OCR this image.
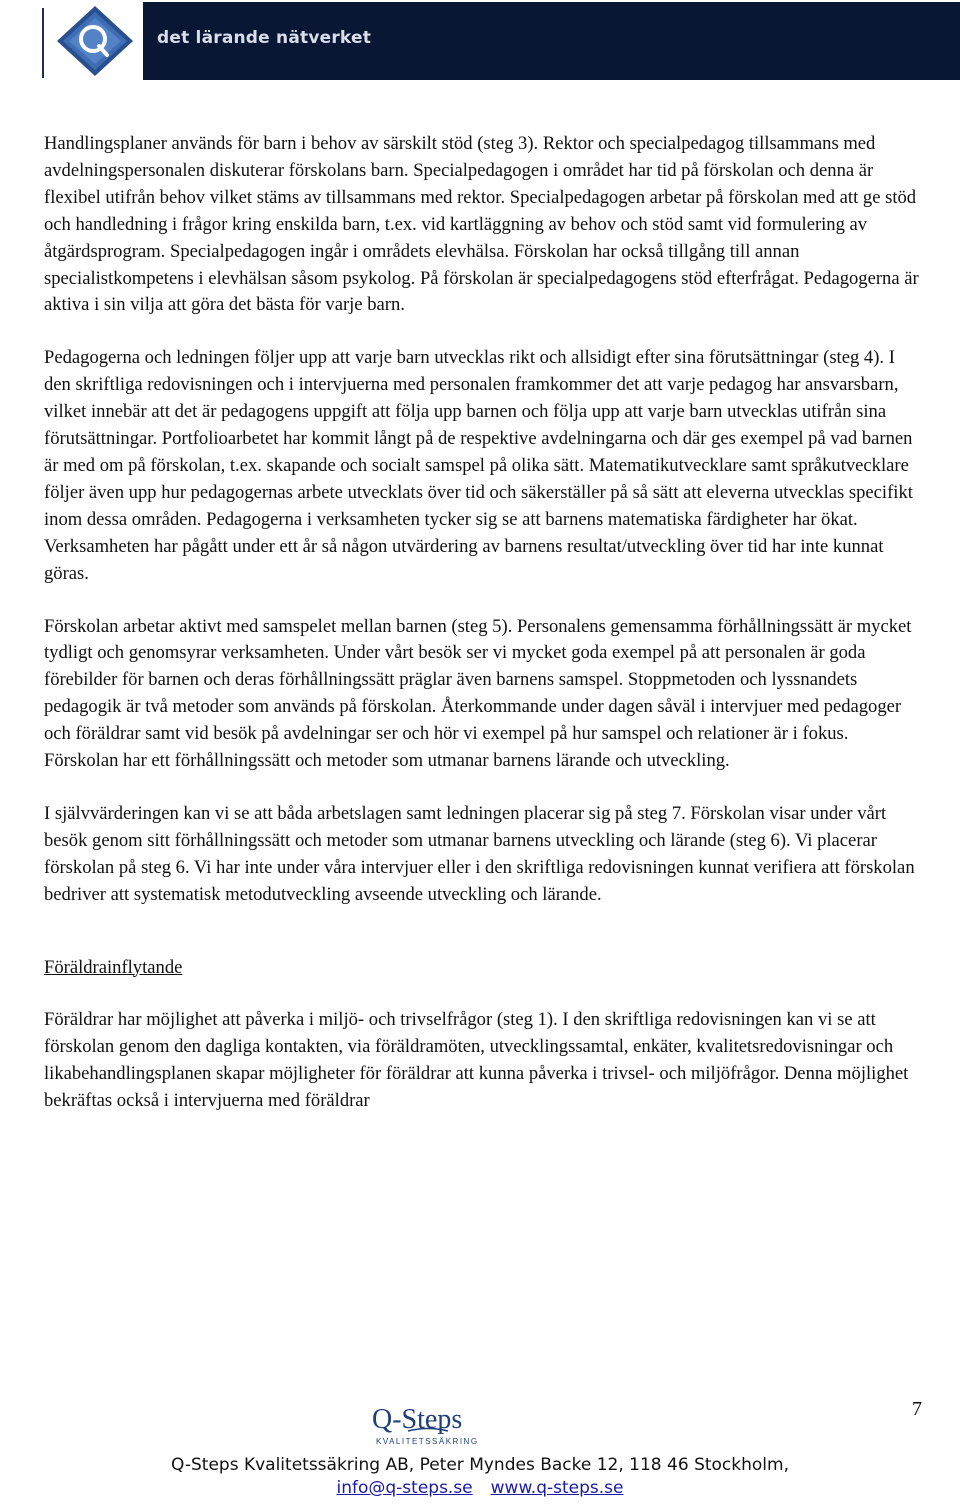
det lärande nätverket

Handlingsplaner används för barn i behov av särskilt stöd (steg 3). Rektor och specialpedagog tillsammans med avdelningspersonalen diskuterar förskolans barn. Specialpedagogen i området har tid på förskolan och denna är flexibel utifrån behov vilket stäms av tillsammans med rektor. Specialpedagogen arbetar på förskolan med att ge stöd och handledning i frågor kring enskilda barn, t.ex. vid kartläggning av behov och stöd samt vid formulering av åtgärdsprogram. Specialpedagogen ingår i områdets elevhälsa. Förskolan har också tillgång till annan specialistkompetens i elevhälsan såsom psykolog. På förskolan är specialpedagogens stöd efterfrågat. Pedagogerna är aktiva i sin vilja att göra det bästa för varje barn.

Pedagogerna och ledningen följer upp att varje barn utvecklas rikt och allsidigt efter sina förutsättningar (steg 4). I den skriftliga redovisningen och i intervjuerna med personalen framkommer det att varje pedagog har ansvarsbarn, vilket innebär att det är pedagogens uppgift att följa upp barnen och följa upp att varje barn utvecklas utifrån sina förutsättningar. Portfolioarbetet har kommit långt på de respektive avdelningarna och där ges exempel på vad barnen är med om på förskolan, t.ex. skapande och socialt samspel på olika sätt. Matematikutvecklare samt språkutvecklare följer även upp hur pedagogernas arbete utvecklats över tid och säkerställer på så sätt att eleverna utvecklas specifikt inom dessa områden. Pedagogerna i verksamheten tycker sig se att barnens matematiska färdigheter har ökat. Verksamheten har pågått under ett år så någon utvärdering av barnens resultat/utveckling över tid har inte kunnat göras.

Förskolan arbetar aktivt med samspelet mellan barnen (steg 5). Personalens gemensamma förhållningssätt är mycket tydligt och genomsyrar verksamheten. Under vårt besök ser vi mycket goda exempel på att personalen är goda förebilder för barnen och deras förhållningssätt präglar även barnens samspel. Stoppmetoden och lyssnandets pedagogik är två metoder som används på förskolan. Återkommande under dagen såväl i intervjuer med pedagoger och föräldrar samt vid besök på avdelningar ser och hör vi exempel på hur samspel och relationer är i fokus. Förskolan har ett förhållningssätt och metoder som utmanar barnens lärande och utveckling.

I självvärderingen kan vi se att båda arbetslagen samt ledningen placerar sig på steg 7. Förskolan visar under vårt besök genom sitt förhållningssätt och metoder som utmanar barnens utveckling och lärande (steg 6). Vi placerar förskolan på steg 6. Vi har inte under våra intervjuer eller i den skriftliga redovisningen kunnat verifiera att förskolan bedriver att systematisk metodutveckling avseende utveckling och lärande.

Föräldrainflytande

Föräldrar har möjlighet att påverka i miljö- och trivselfrågor (steg 1). I den skriftliga redovisningen kan vi se att förskolan genom den dagliga kontakten, via föräldramöten, utvecklingssamtal, enkäter, kvalitetsredovisningar och likabehandlingsplanen skapar möjligheter för föräldrar att kunna påverka i trivsel- och miljöfrågor. Denna möjlighet bekräftas också i intervjuerna med föräldrar

7
Q-Steps
KVALITETSSÄKRING
Q-Steps Kvalitetssäkring AB, Peter Myndes Backe 12, 118 46 Stockholm,
info@q-steps.se www.q-steps.se
